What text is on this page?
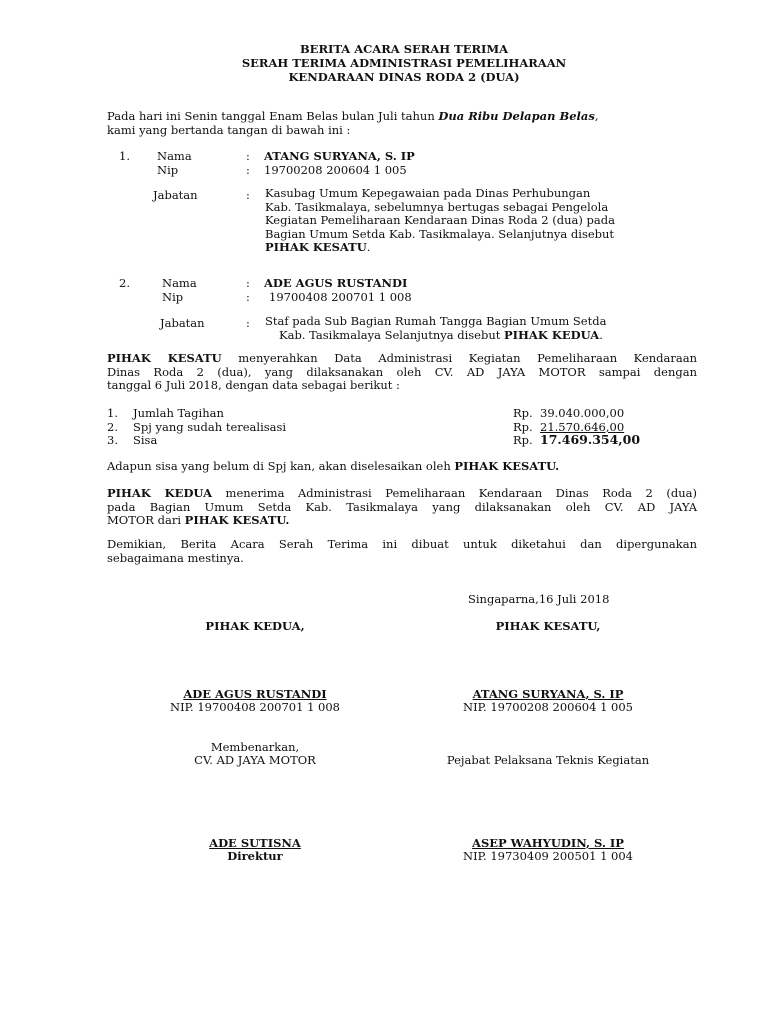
BERITA ACARA SERAH TERIMA
SERAH TERIMA ADMINISTRASI PEMELIHARAAN
KENDARAAN DINAS RODA 2 (DUA)
Pada hari ini Senin tanggal Enam Belas bulan Juli tahun Dua Ribu Delapan Belas,
kami yang bertanda tangan di bawah ini :
1. Nama	: ATANG SURYANA, S. IP
Nip	: 19700208 200604 1 005
Jabatan	: Kasubag Umum Kepegawaian pada Dinas Perhubungan
Kab. Tasikmalaya, sebelumnya bertugas sebagai Pengelola
Kegiatan Pemeliharaan Kendaraan Dinas Roda 2 (dua) pada
Bagian Umum Setda Kab. Tasikmalaya. Selanjutnya disebut
PIHAK KESATU.
2.	Nama	: ADE AGUS RUSTANDI
Nip	: 19700408 200701 1 008
Jabatan	: Staf pada Sub Bagian Rumah Tangga Bagian Umum Setda
Kab. Tasikmalaya Selanjutnya disebut PIHAK KEDUA.
PIHAK KESATU menyerahkan Data Administrasi Kegiatan Pemeliharaan Kendaraan
Dinas Roda 2 (dua), yang dilaksanakan oleh CV. AD JAYA MOTOR sampai dengan
tanggal 6 Juli 2018, dengan data sebagai berikut :
1. Jumlah Tagihan	Rp. 39.040.000,00
2. Spj yang sudah terealisasi	Rp. 21.570.646,00
3. Sisa	Rp. 17.469.354,00
Adapun sisa yang belum di Spj kan, akan diselesaikan oleh PIHAK KESATU.
PIHAK KEDUA menerima Administrasi Pemeliharaan Kendaraan Dinas Roda 2 (dua)
pada Bagian Umum Setda Kab. Tasikmalaya yang dilaksanakan oleh CV. AD JAYA
MOTOR dari PIHAK KESATU.
Demikian, Berita Acara Serah Terima ini dibuat untuk diketahui dan dipergunakan
sebagaimana mestinya.
Singaparna,16 Juli 2018
PIHAK KEDUA,	PIHAK KESATU,
ADE AGUS RUSTANDI
NIP. 19700408 200701 1 008
ATANG SURYANA, S. IP
NIP. 19700208 200604 1 005
Membenarkan,
CV. AD JAYA MOTOR	Pejabat Pelaksana Teknis Kegiatan
ADE SUTISNA
Direktur
ASEP WAHYUDIN, S. IP
NIP. 19730409 200501 1 004
